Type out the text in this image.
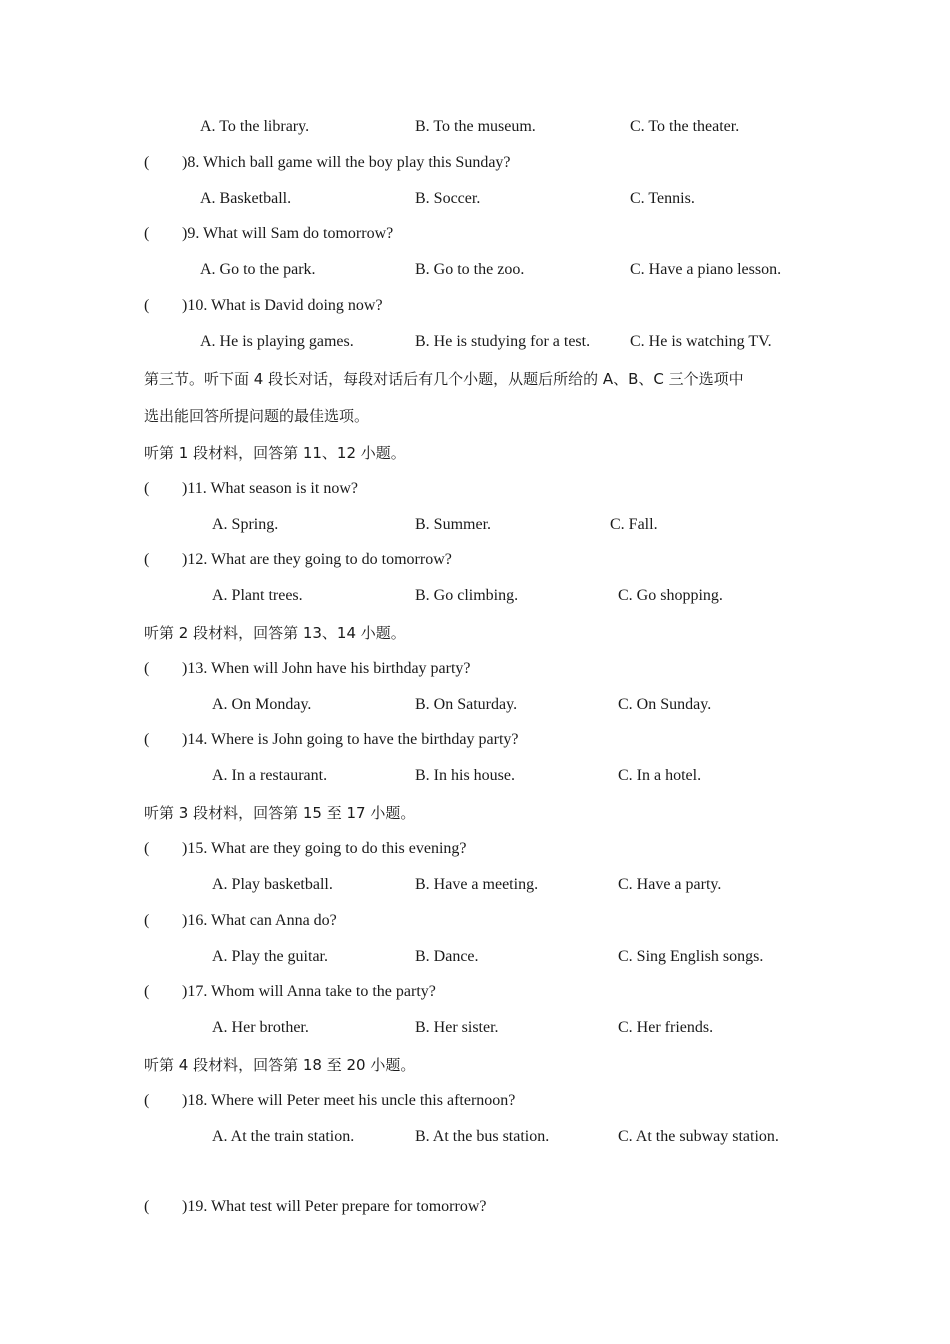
A. To the library.	B. To the museum.	C. To the theater.
( )8. Which ball game will the boy play this Sunday?
A. Basketball.	B. Soccer.	C. Tennis.
( )9. What will Sam do tomorrow?
A. Go to the park.	B. Go to the zoo.	C. Have a piano lesson.
( )10. What is David doing now?
A. He is playing games.	B. He is studying for a test. C. He is watching TV.
第三节。听下面 4 段长对话，每段对话后有几个小题，从题后所给的 A、B、C 三个选项中
选出能回答所提问题的最佳选项。
听第 1 段材料，回答第 11、12 小题。
( )11. What season is it now?
A. Spring.	B. Summer.	C. Fall.
( )12. What are they going to do tomorrow?
A. Plant trees.	B. Go climbing.	C. Go shopping.
听第 2 段材料，回答第 13、14 小题。
( )13. When will John have his birthday party?
A. On Monday.	B. On Saturday.	C. On Sunday.
( )14. Where is John going to have the birthday party?
A. In a restaurant.	B. In his house.	C. In a hotel.
听第 3 段材料，回答第 15 至 17 小题。
( )15. What are they going to do this evening?
A. Play basketball.	B. Have a meeting.	C. Have a party.
( )16. What can Anna do?
A. Play the guitar.	B. Dance.	C. Sing English songs.
( )17. Whom will Anna take to the party?
A. Her brother.	B. Her sister.	C. Her friends.
听第 4 段材料，回答第 18 至 20 小题。
( )18. Where will Peter meet his uncle this afternoon?
A. At the train station.	B. At the bus station.	C. At the subway station.
( )19. What test will Peter prepare for tomorrow?
